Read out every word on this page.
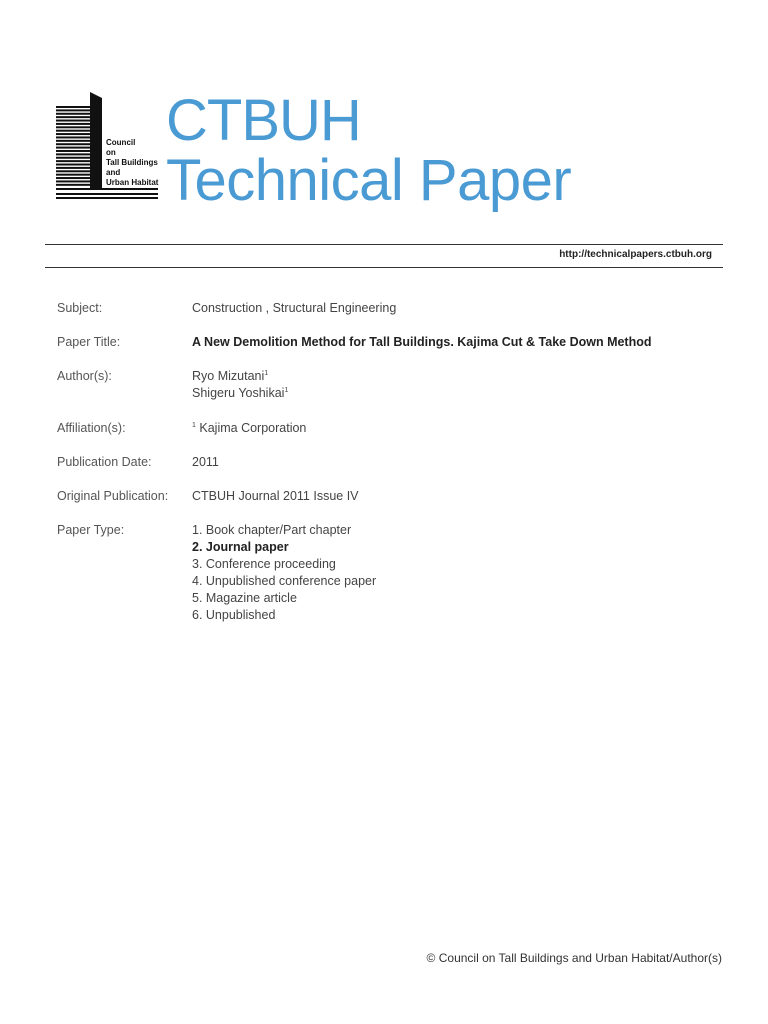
Council
on
Tall Buildings
and
Urban Habitat
CTBUH
Technical Paper
http://technicalpapers.ctbuh.org
Subject:	Construction , Structural Engineering
Paper Title:	A New Demolition Method for Tall Buildings. Kajima Cut & Take Down Method
Author(s):	Ryo Mizutani$^1$
Shigeru Yoshikai$^1$
Affiliation(s):	$^1$ Kajima Corporation
Publication Date:	2011
Original Publication: CTBUH Journal 2011 Issue IV
Paper Type:	1. Book chapter/Part chapter
2. Journal paper
3. Conference proceeding
4. Unpublished conference paper
5. Magazine article
6. Unpublished
© Council on Tall Buildings and Urban Habitat/Author(s)
